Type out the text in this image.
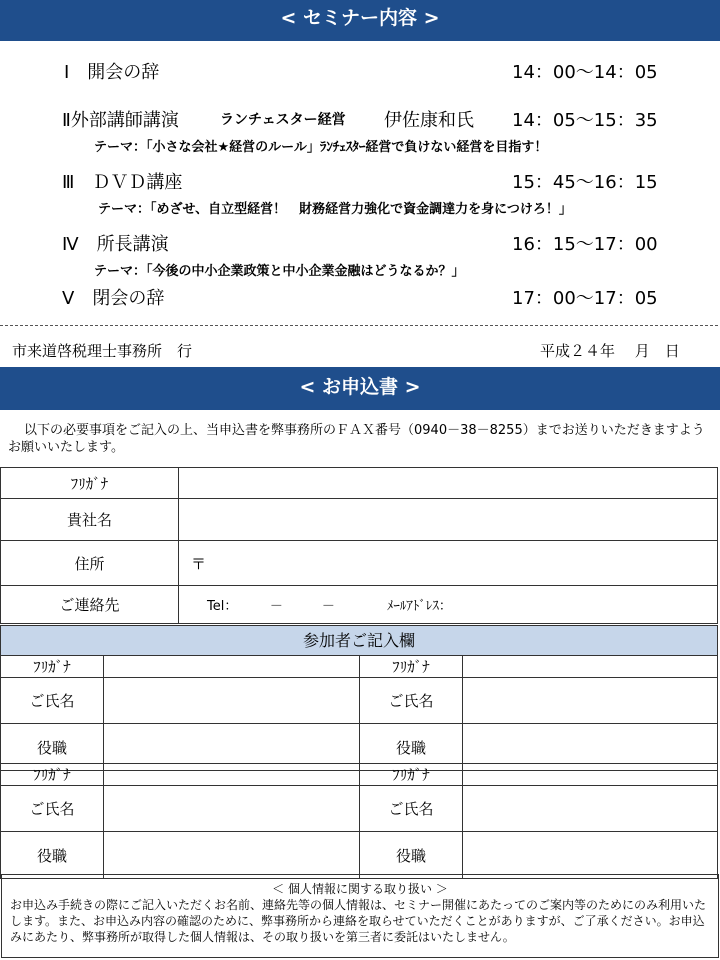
< セミナー内容 >
Ⅰ　開会の辞	14：00～14：05
Ⅱ外部講師講演	ランチェスター経営 伊佐康和氏 14：05～15：35
テーマ：「小さな会社★経営のルール」ﾗﾝﾁｪｽﾀｰ経営で負けない経営を目指す！
Ⅲ　ＤＶＤ講座	15：45～16：15
テーマ：「めざせ、自立型経営！　財務経営力強化で資金調達力を身につけろ！」
Ⅳ　所長講演	16：15～17：00
テーマ：「今後の中小企業政策と中小企業金融はどうなるか？」
Ⅴ　閉会の辞	17：00～17：05
市来道啓税理士事務所　行	平成２４年　 月　日
< お申込書 >
以下の必要事項をご記入の上、当申込書を弊事務所のＦＡＸ番号（0940－38－8255）までお送りいただきますようお願いいたします。
ﾌﾘｶﾞﾅ	
貴社名	
住所	〒
ご連絡先	Tel：　　　－　　　－　　　　ﾒｰﾙｱﾄﾞﾚｽ：
参加者ご記入欄
ﾌﾘｶﾞﾅ		ﾌﾘｶﾞﾅ	
ご氏名		ご氏名	
役職		役職	
ﾌﾘｶﾞﾅ		ﾌﾘｶﾞﾅ	
ご氏名		ご氏名	
役職		役職	
＜ 個人情報に関する取り扱い ＞
お申込み手続きの際にご記入いただくお名前、連絡先等の個人情報は、セミナー開催にあたってのご案内等のためにのみ利用いたします。また、お申込み内容の確認のために、弊事務所から連絡を取らせていただくことがありますが、ご了承ください。お申込みにあたり、弊事務所が取得した個人情報は、その取り扱いを第三者に委託はいたしません。
